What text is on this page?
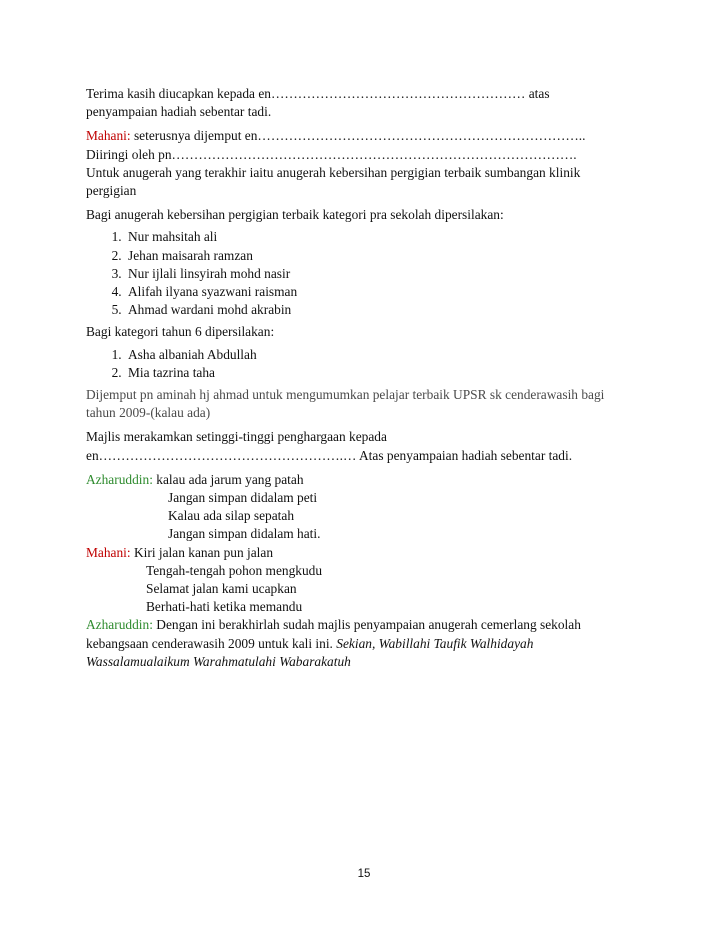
Terima kasih diucapkan kepada en………………………………………………… atas

penyampaian hadiah sebentar tadi.

Mahani: seterusnya dijemput en………………………………………………………………..

Diiringi oleh pn……………………………………………………………………………….

Untuk anugerah yang terakhir iaitu anugerah kebersihan pergigian terbaik sumbangan klinik

pergigian

Bagi anugerah kebersihan pergigian terbaik kategori pra sekolah dipersilakan:

1. Nur mahsitah ali
2. Jehan maisarah ramzan
3. Nur ijlali linsyirah mohd nasir
4. Alifah ilyana syazwani raisman
5. Ahmad wardani mohd akrabin

Bagi kategori tahun 6 dipersilakan:

1. Asha albaniah Abdullah
2. Mia tazrina taha

Dijemput pn aminah hj ahmad untuk mengumumkan pelajar terbaik UPSR sk cenderawasih bagi

tahun 2009-(kalau ada)

Majlis merakamkan setinggi-tinggi penghargaan kepada

en……………………………………………….… Atas penyampaian hadiah sebentar tadi.

Azharuddin: kalau ada jarum yang patah

Jangan simpan didalam peti

Kalau ada silap sepatah

Jangan simpan didalam hati.

Mahani: Kiri jalan kanan pun jalan

Tengah-tengah pohon mengkudu

Selamat jalan kami ucapkan

Berhati-hati ketika memandu

Azharuddin: Dengan ini berakhirlah sudah majlis penyampaian anugerah cemerlang sekolah

kebangsaan cenderawasih 2009 untuk kali ini. Sekian, Wabillahi Taufik Walhidayah

Wassalamualaikum Warahmatulahi Wabarakatuh

15
